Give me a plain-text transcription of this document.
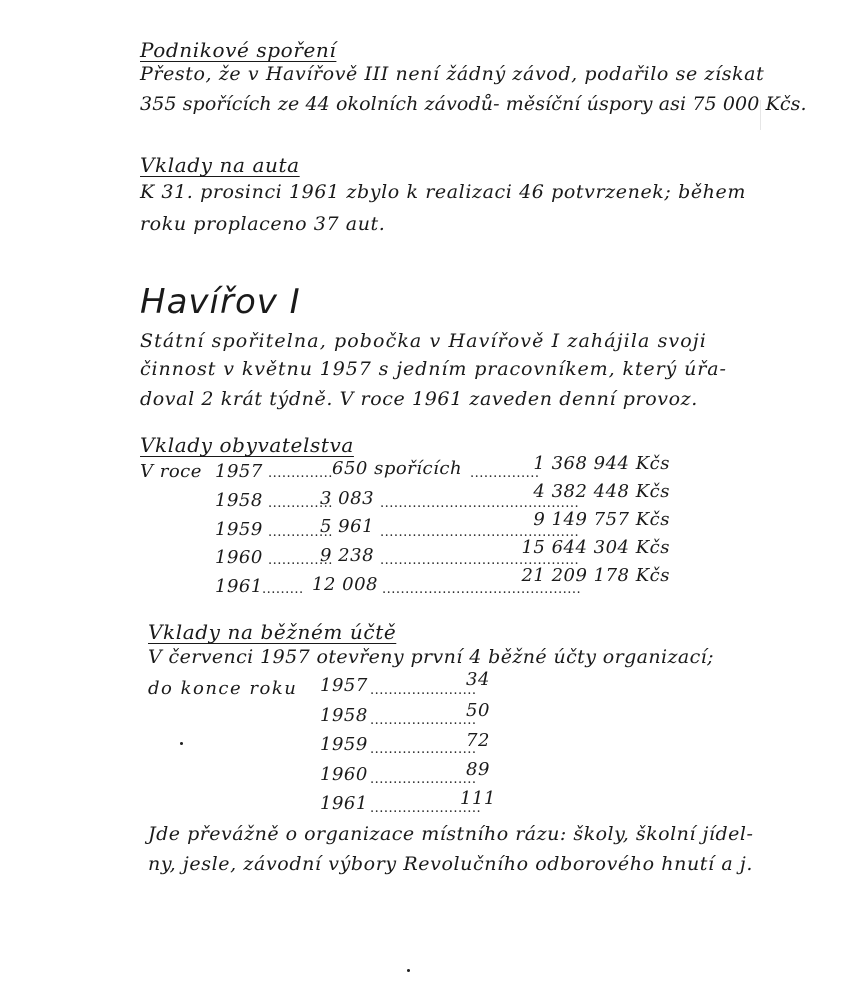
Podnikové spoření
Přesto, že v Havířově III není žádný závod, podařilo se získat
355 spořících ze 44 okolních závodů- měsíční úspory asi 75 000 Kčs.
Vklady na auta
K 31. prosinci 1961 zbylo k realizaci 46 potvrzenek; během
roku proplaceno 37 aut.
Havířov I
Státní spořitelna, pobočka v Havířově I zahájila svoji
činnost v květnu 1957 s jedním pracovníkem, který úřa-
doval 2 krát týdně. V roce 1961 zaveden denní provoz.
Vklady obyvatelstva
V roce 1957 .............. 650 spořících ...............
1 368 944 Kčs
1958 ..............
3 083 ...........................................
4 382 448 Kčs
1959 ..............
5 961 ...........................................
9 149 757 Kčs
1960 ..............
9 238 ...........................................
15 644 304 Kčs
1961 ......... 12 008 ...........................................
21 209 178 Kčs
Vklady na běžném účtě
V červenci 1957 otevřeny první 4 běžné účty organizací;
do konce roku 1957 .......................
34
1958 .......................
50
1959 .......................
72
1960 .......................
89
1961 ........................
111
Jde převážně o organizace místního rázu: školy, školní jídel-
ny, jesle, závodní výbory Revolučního odborového hnutí a j.
